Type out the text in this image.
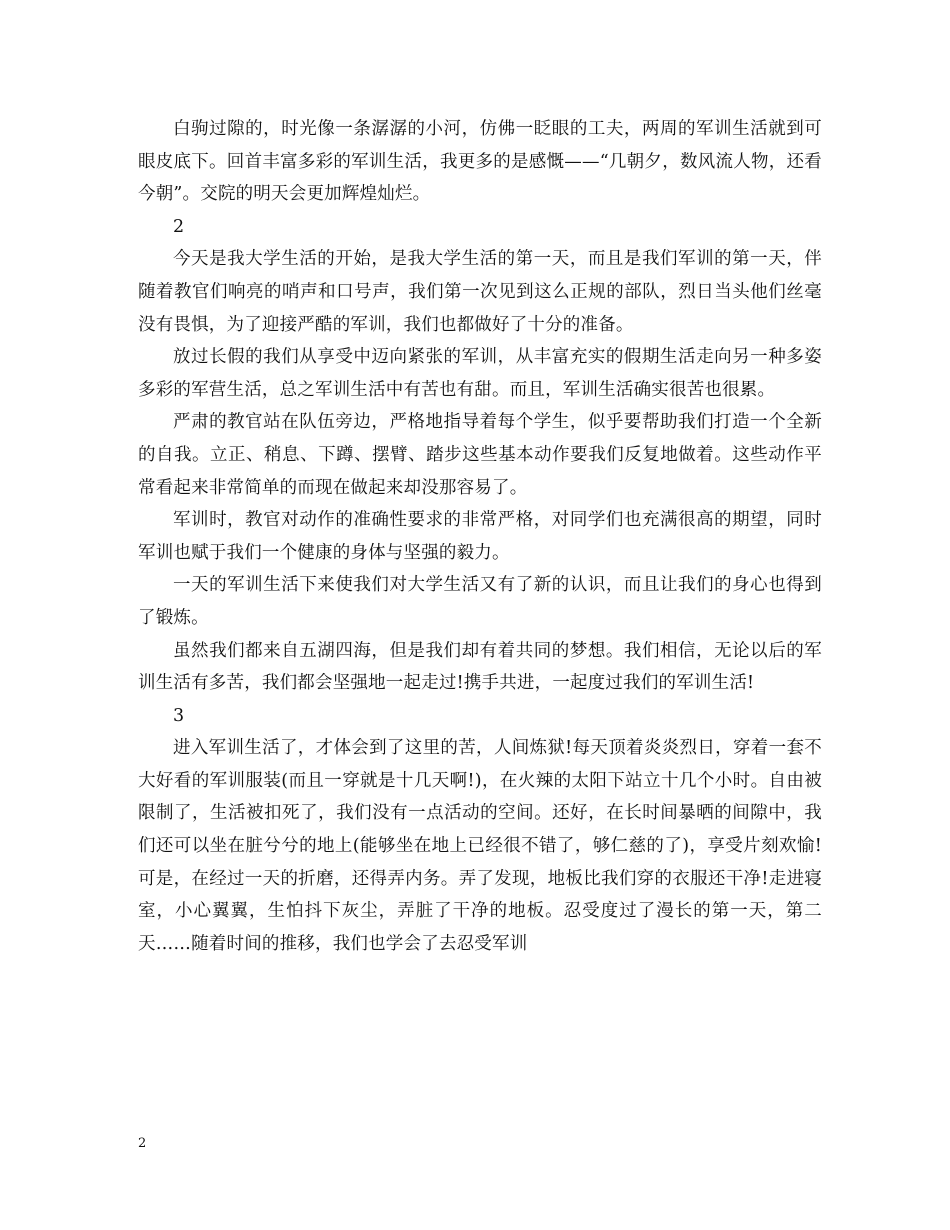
白驹过隙的，时光像一条潺潺的小河，仿佛一眨眼的工夫，两周的军训生活就到可眼皮底下。回首丰富多彩的军训生活，我更多的是感慨——“几朝夕，数风流人物，还看今朝”。交院的明天会更加辉煌灿烂。

2

今天是我大学生活的开始，是我大学生活的第一天，而且是我们军训的第一天，伴随着教官们响亮的哨声和口号声，我们第一次见到这么正规的部队，烈日当头他们丝毫没有畏惧，为了迎接严酷的军训，我们也都做好了十分的准备。

放过长假的我们从享受中迈向紧张的军训，从丰富充实的假期生活走向另一种多姿多彩的军营生活，总之军训生活中有苦也有甜。而且，军训生活确实很苦也很累。

严肃的教官站在队伍旁边，严格地指导着每个学生，似乎要帮助我们打造一个全新的自我。立正、稍息、下蹲、摆臂、踏步这些基本动作要我们反复地做着。这些动作平常看起来非常简单的而现在做起来却没那容易了。

军训时，教官对动作的准确性要求的非常严格，对同学们也充满很高的期望，同时军训也赋于我们一个健康的身体与坚强的毅力。

一天的军训生活下来使我们对大学生活又有了新的认识，而且让我们的身心也得到了锻炼。

虽然我们都来自五湖四海，但是我们却有着共同的梦想。我们相信，无论以后的军训生活有多苦，我们都会坚强地一起走过!携手共进，一起度过我们的军训生活!

3

进入军训生活了，才体会到了这里的苦，人间炼狱!每天顶着炎炎烈日，穿着一套不大好看的军训服装(而且一穿就是十几天啊!)，在火辣的太阳下站立十几个小时。自由被限制了，生活被扣死了，我们没有一点活动的空间。还好，在长时间暴晒的间隙中，我们还可以坐在脏兮兮的地上(能够坐在地上已经很不错了，够仁慈的了)，享受片刻欢愉!可是，在经过一天的折磨，还得弄内务。弄了发现，地板比我们穿的衣服还干净!走进寝室，小心翼翼，生怕抖下灰尘，弄脏了干净的地板。忍受度过了漫长的第一天，第二天……随着时间的推移，我们也学会了去忍受军训

2
